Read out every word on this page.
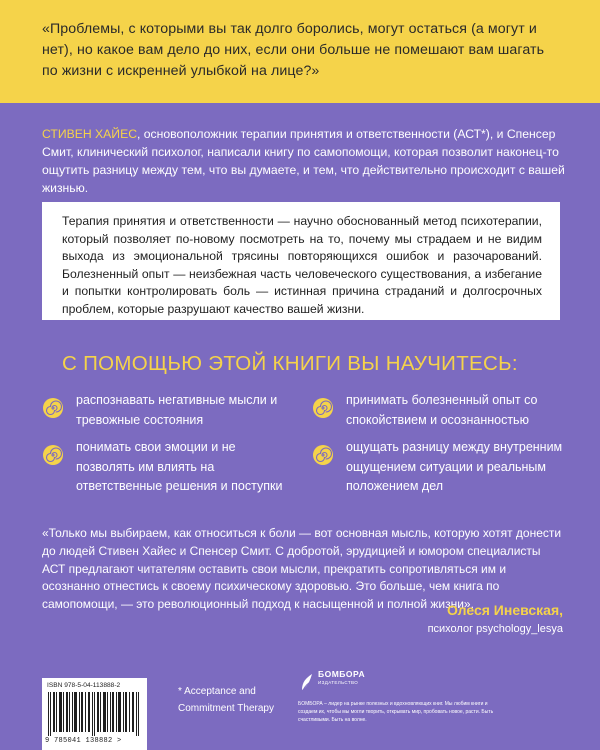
«Проблемы, с которыми вы так долго боролись, могут остаться (а могут и нет), но какое вам дело до них, если они больше не помешают вам шагать по жизни с искренней улыбкой на лице?»

СТИВЕН ХАЙЕС, основоположник терапии принятия и ответственности (АСТ*), и Спенсер Смит, клинический психолог, написали книгу по самопомощи, которая позволит наконец-то ощутить разницу между тем, что вы думаете, и тем, что действительно происходит с вашей жизнью.

Терапия принятия и ответственности — научно обоснованный метод психотерапии, который позволяет по-новому посмотреть на то, почему мы страдаем и не видим выхода из эмоциональной трясины повторяющихся ошибок и разочарований. Болезненный опыт — неизбежная часть человеческого существования, а избегание и попытки контролировать боль — истинная причина страданий и долгосрочных проблем, которые разрушают качество вашей жизни.

С ПОМОЩЬЮ ЭТОЙ КНИГИ ВЫ НАУЧИТЕСЬ:

распознавать негативные мысли и тревожные состояния
принимать болезненный опыт со спокойствием и осознанностью
понимать свои эмоции и не позволять им влиять на ответственные решения и поступки
ощущать разницу между внутренним ощущением ситуации и реальным положением дел

«Только мы выбираем, как относиться к боли — вот основная мысль, которую хотят донести до людей Стивен Хайес и Спенсер Смит. С добротой, эрудицией и юмором специалисты АСТ предлагают читателям оставить свои мысли, прекратить сопротивляться им и осознанно отнестись к своему психическому здоровью. Это больше, чем книга по самопомощи, — это революционный подход к насыщенной и полной жизни».

Олеся Иневская,

психолог psychology_lesya

ISBN 978-5-04-113888-2
9 785041 138882 >

* Acceptance and Commitment Therapy

БОМБОРА
ИЗДАТЕЛЬСТВО

БОМБОРА – лидер на рынке полезных и вдохновляющих книг. Мы любим книги и создаем их, чтобы мы могли творить, открывать мир, пробовать новое, расти. Быть счастливыми. Быть на волне.
